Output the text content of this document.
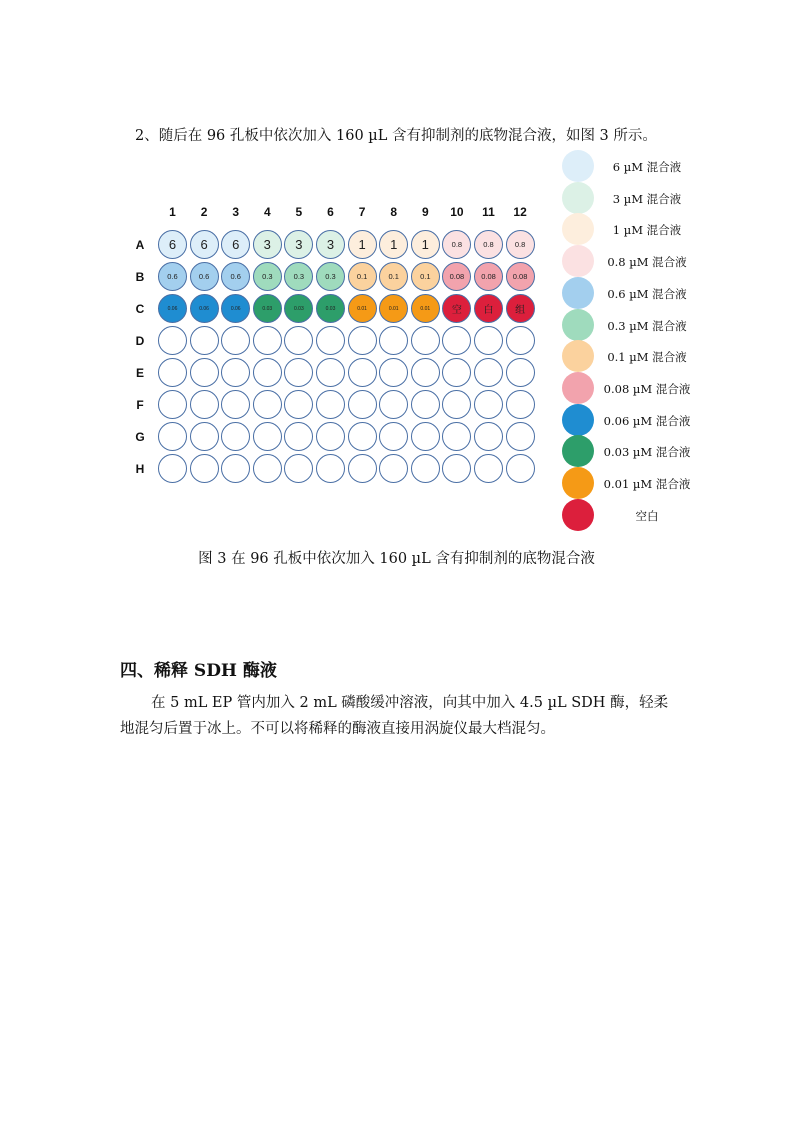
2、随后在 96 孔板中依次加入 160 µL 含有抑制剂的底物混合液，如图 3 所示。
1	2	3	4	5	6	7	8	9	10	11	12
A	6	6	6	3	3	3	1	1	1	0.8	0.8	0.8
B	0.6	0.6	0.6	0.3	0.3	0.3	0.1	0.1	0.1	0.08	0.08	0.08
C	0.06	0.06	0.06	0.03	0.03	0.03	0.01	0.01	0.01	空	白	组
D
E
F
G
H
6 µM 混合液
3 µM 混合液
1 µM 混合液
0.8 µM 混合液
0.6 µM 混合液
0.3 µM 混合液
0.1 µM 混合液
0.08 µM 混合液
0.06 µM 混合液
0.03 µM 混合液
0.01 µM 混合液
空白
图 3 在 96 孔板中依次加入 160 µL 含有抑制剂的底物混合液
四、稀释 SDH 酶液
在 5 mL EP 管内加入 2 mL 磷酸缓冲溶液，向其中加入 4.5 µL SDH 酶，轻柔地混匀后置于冰上。不可以将稀释的酶液直接用涡旋仪最大档混匀。
